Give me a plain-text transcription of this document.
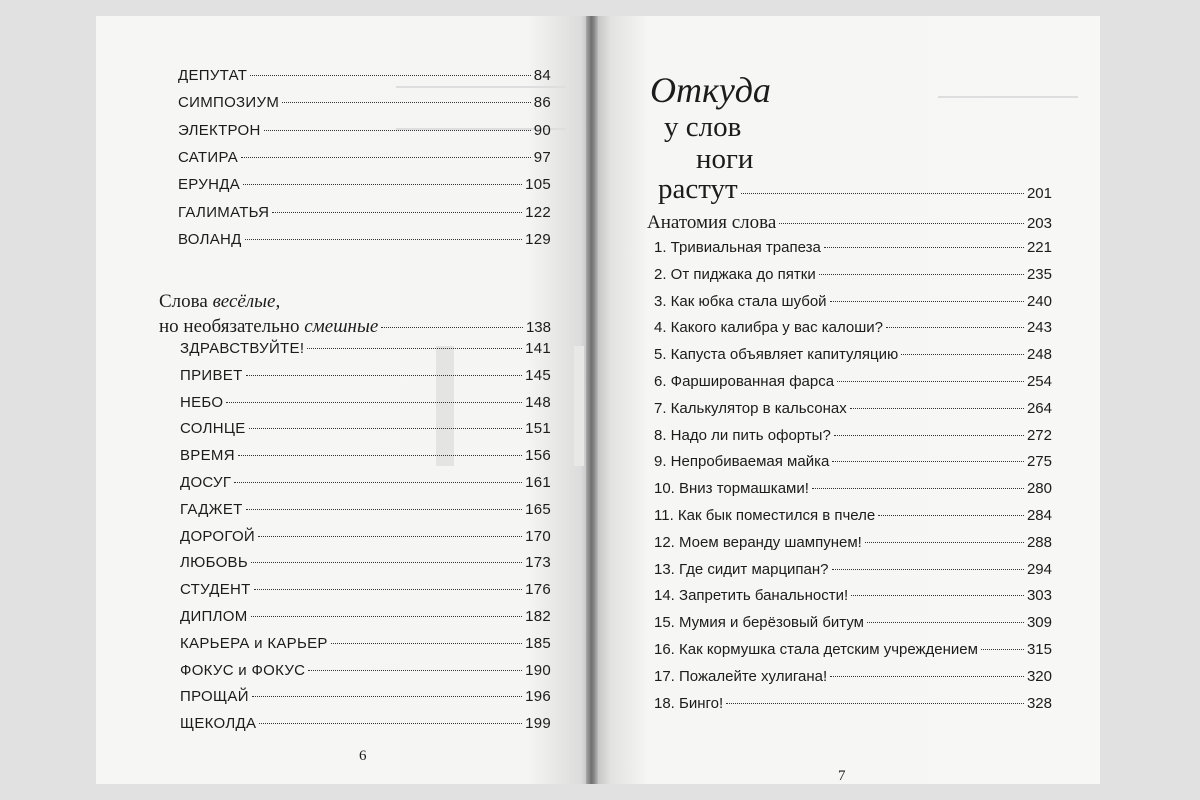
ДЕПУТАТ	84
СИМПОЗИУМ	86
ЭЛЕКТРОН	90
САТИРА	97
ЕРУНДА	105
ГАЛИМАТЬЯ	122
ВОЛАНД	129
Слова весёлые,
но необязательно смешные	138
ЗДРАВСТВУЙТЕ!	141
ПРИВЕТ	145
НЕБО	148
СОЛНЦЕ	151
ВРЕМЯ	156
ДОСУГ	161
ГАДЖЕТ	165
ДОРОГОЙ	170
ЛЮБОВЬ	173
СТУДЕНТ	176
ДИПЛОМ	182
КАРЬЕРА и КАРЬЕР	185
ФОКУС и ФОКУС	190
ПРОЩАЙ	196
ЩЕКОЛДА	199
6
Откуда
у слов
ноги
растут	201
Анатомия слова	203
1. Тривиальная трапеза	221
2. От пиджака до пятки	235
3. Как юбка стала шубой	240
4. Какого калибра у вас калоши?	243
5. Капуста объявляет капитуляцию	248
6. Фаршированная фарса	254
7. Калькулятор в кальсонах	264
8. Надо ли пить офорты?	272
9. Непробиваемая майка	275
10. Вниз тормашками!	280
11. Как бык поместился в пчеле	284
12. Моем веранду шампунем!	288
13. Где сидит марципан?	294
14. Запретить банальности!	303
15. Мумия и берёзовый битум	309
16. Как кормушка стала детским учреждением	315
17. Пожалейте хулигана!	320
18. Бинго!	328
7
